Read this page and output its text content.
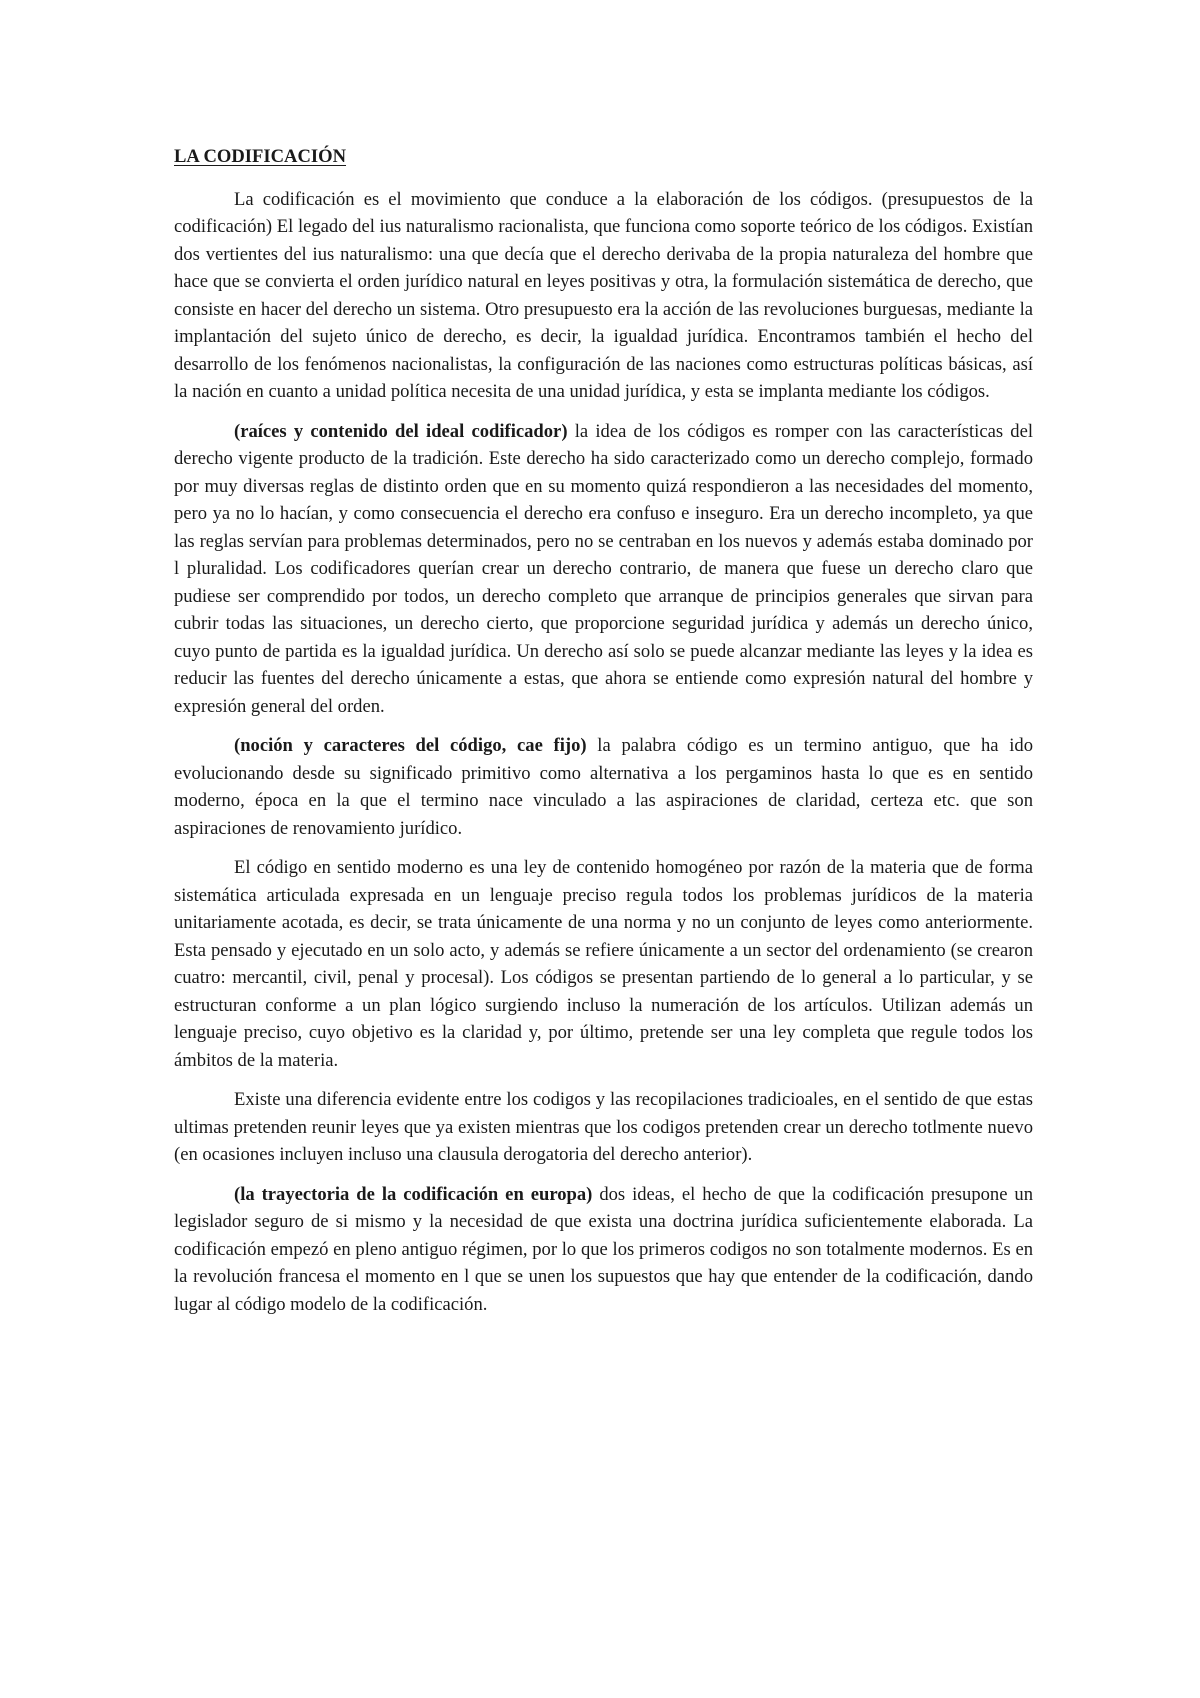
LA CODIFICACIÓN

La codificación es el movimiento que conduce a la elaboración de los códigos. (presupuestos de la codificación) El legado del ius naturalismo racionalista, que funciona como soporte teórico de los códigos. Existían dos vertientes del ius naturalismo: una que decía que el derecho derivaba de la propia naturaleza del hombre que hace que se convierta el orden jurídico natural en leyes positivas y otra, la formulación sistemática de derecho, que consiste en hacer del derecho un sistema. Otro presupuesto era la acción de las revoluciones burguesas, mediante la implantación del sujeto único de derecho, es decir, la igualdad jurídica. Encontramos también el hecho del desarrollo de los fenómenos nacionalistas, la configuración de las naciones como estructuras políticas básicas, así la nación en cuanto a unidad política necesita de una unidad jurídica, y esta se implanta mediante los códigos.

(raíces y contenido del ideal codificador) la idea de los códigos es romper con las características del derecho vigente producto de la tradición. Este derecho ha sido caracterizado como un derecho complejo, formado por muy diversas reglas de distinto orden que en su momento quizá respondieron a las necesidades del momento, pero ya no lo hacían, y como consecuencia el derecho era confuso e inseguro. Era un derecho incompleto, ya que las reglas servían para problemas determinados, pero no se centraban en los nuevos y además estaba dominado por l pluralidad. Los codificadores querían crear un derecho contrario, de manera que fuese un derecho claro que pudiese ser comprendido por todos, un derecho completo que arranque de principios generales que sirvan para cubrir todas las situaciones, un derecho cierto, que proporcione seguridad jurídica y además un derecho único, cuyo punto de partida es la igualdad jurídica. Un derecho así solo se puede alcanzar mediante las leyes y la idea es reducir las fuentes del derecho únicamente a estas, que ahora se entiende como expresión natural del hombre y expresión general del orden.

(noción y caracteres del código, cae fijo) la palabra código es un termino antiguo, que ha ido evolucionando desde su significado primitivo como alternativa a los pergaminos hasta lo que es en sentido moderno, época en la que el termino nace vinculado a las aspiraciones de claridad, certeza etc. que son aspiraciones de renovamiento jurídico.

El código en sentido moderno es una ley de contenido homogéneo por razón de la materia que de forma sistemática articulada expresada en un lenguaje preciso regula todos los problemas jurídicos de la materia unitariamente acotada, es decir, se trata únicamente de una norma y no un conjunto de leyes como anteriormente. Esta pensado y ejecutado en un solo acto, y además se refiere únicamente a un sector del ordenamiento (se crearon cuatro: mercantil, civil, penal y procesal). Los códigos se presentan partiendo de lo general a lo particular, y se estructuran conforme a un plan lógico surgiendo incluso la numeración de los artículos. Utilizan además un lenguaje preciso, cuyo objetivo es la claridad y, por último, pretende ser una ley completa que regule todos los ámbitos de la materia.

Existe una diferencia evidente entre los codigos y las recopilaciones tradicioales, en el sentido de que estas ultimas pretenden reunir leyes que ya existen mientras que los codigos pretenden crear un derecho totlmente nuevo (en ocasiones incluyen incluso una clausula derogatoria del derecho anterior).

(la trayectoria de la codificación en europa) dos ideas, el hecho de que la codificación presupone un legislador seguro de si mismo y la necesidad de que exista una doctrina jurídica suficientemente elaborada. La codificación empezó en pleno antiguo régimen, por lo que los primeros codigos no son totalmente modernos. Es en la revolución francesa el momento en l que se unen los supuestos que hay que entender de la codificación, dando lugar al código modelo de la codificación.
